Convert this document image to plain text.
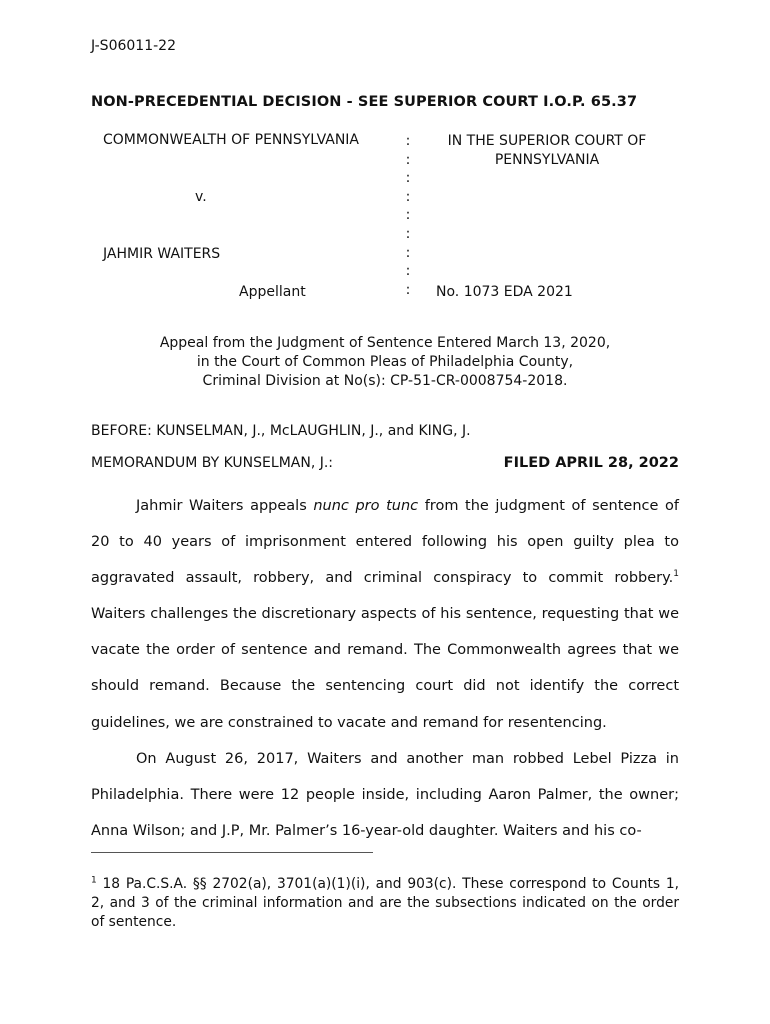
J-S06011-22
NON-PRECEDENTIAL DECISION - SEE SUPERIOR COURT I.O.P. 65.37
COMMONWEALTH OF PENNSYLVANIA
v.
JAHMIR WAITERS
Appellant
:
:
:
:
:
:
:
:
:
IN THE SUPERIOR COURT OF PENNSYLVANIA
No. 1073 EDA 2021
Appeal from the Judgment of Sentence Entered March 13, 2020,
in the Court of Common Pleas of Philadelphia County,
Criminal Division at No(s): CP-51-CR-0008754-2018.
BEFORE: KUNSELMAN, J., McLAUGHLIN, J., and KING, J.
MEMORANDUM BY KUNSELMAN, J.:	FILED APRIL 28, 2022

Jahmir Waiters appeals nunc pro tunc from the judgment of sentence of 20 to 40 years of imprisonment entered following his open guilty plea to aggravated assault, robbery, and criminal conspiracy to commit robbery.$^1$ Waiters challenges the discretionary aspects of his sentence, requesting that we vacate the order of sentence and remand. The Commonwealth agrees that we should remand. Because the sentencing court did not identify the correct guidelines, we are constrained to vacate and remand for resentencing.

On August 26, 2017, Waiters and another man robbed Lebel Pizza in Philadelphia. There were 12 people inside, including Aaron Palmer, the owner; Anna Wilson; and J.P, Mr. Palmer’s 16-year-old daughter. Waiters and his co-

$^1$ 18 Pa.C.S.A. §§ 2702(a), 3701(a)(1)(i), and 903(c). These correspond to Counts 1, 2, and 3 of the criminal information and are the subsections indicated on the order of sentence.
